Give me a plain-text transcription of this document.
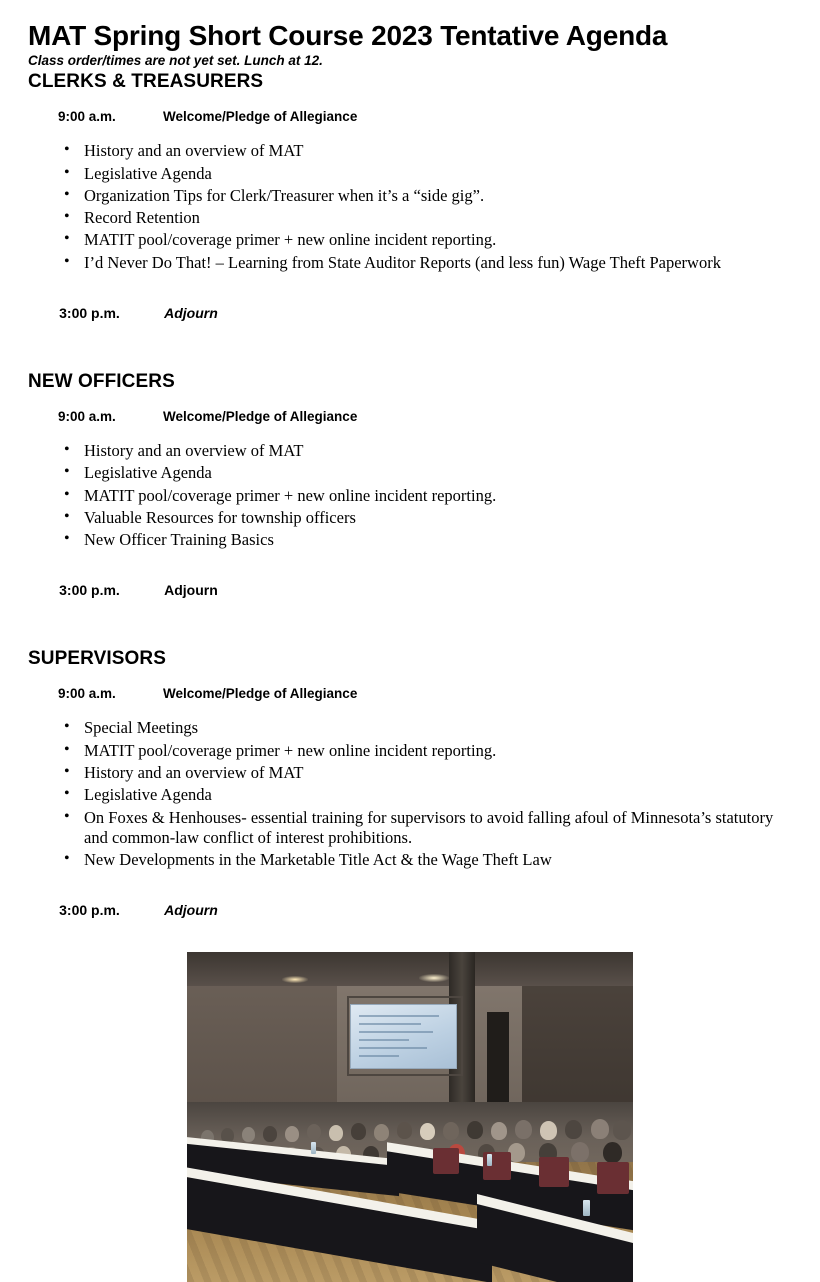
MAT Spring Short Course 2023 Tentative Agenda

Class order/times are not yet set. Lunch at 12.

CLERKS & TREASURERS

9:00 a.m.	Welcome/Pledge of Allegiance

• History and an overview of MAT
• Legislative Agenda
• Organization Tips for Clerk/Treasurer when it’s a “side gig”.
• Record Retention
• MATIT pool/coverage primer + new online incident reporting.
• I’d Never Do That! – Learning from State Auditor Reports (and less fun) Wage Theft Paperwork

3:00 p.m.	Adjourn

NEW OFFICERS

9:00 a.m.	Welcome/Pledge of Allegiance

• History and an overview of MAT
• Legislative Agenda
• MATIT pool/coverage primer + new online incident reporting.
• Valuable Resources for township officers
• New Officer Training Basics

3:00 p.m.	Adjourn

SUPERVISORS

9:00 a.m.	Welcome/Pledge of Allegiance

• Special Meetings
• MATIT pool/coverage primer + new online incident reporting.
• History and an overview of MAT
• Legislative Agenda
• On Foxes & Henhouses- essential training for supervisors to avoid falling afoul of Minnesota’s statutory and common-law conflict of interest prohibitions.
• New Developments in the Marketable Title Act & the Wage Theft Law

3:00 p.m.	Adjourn
